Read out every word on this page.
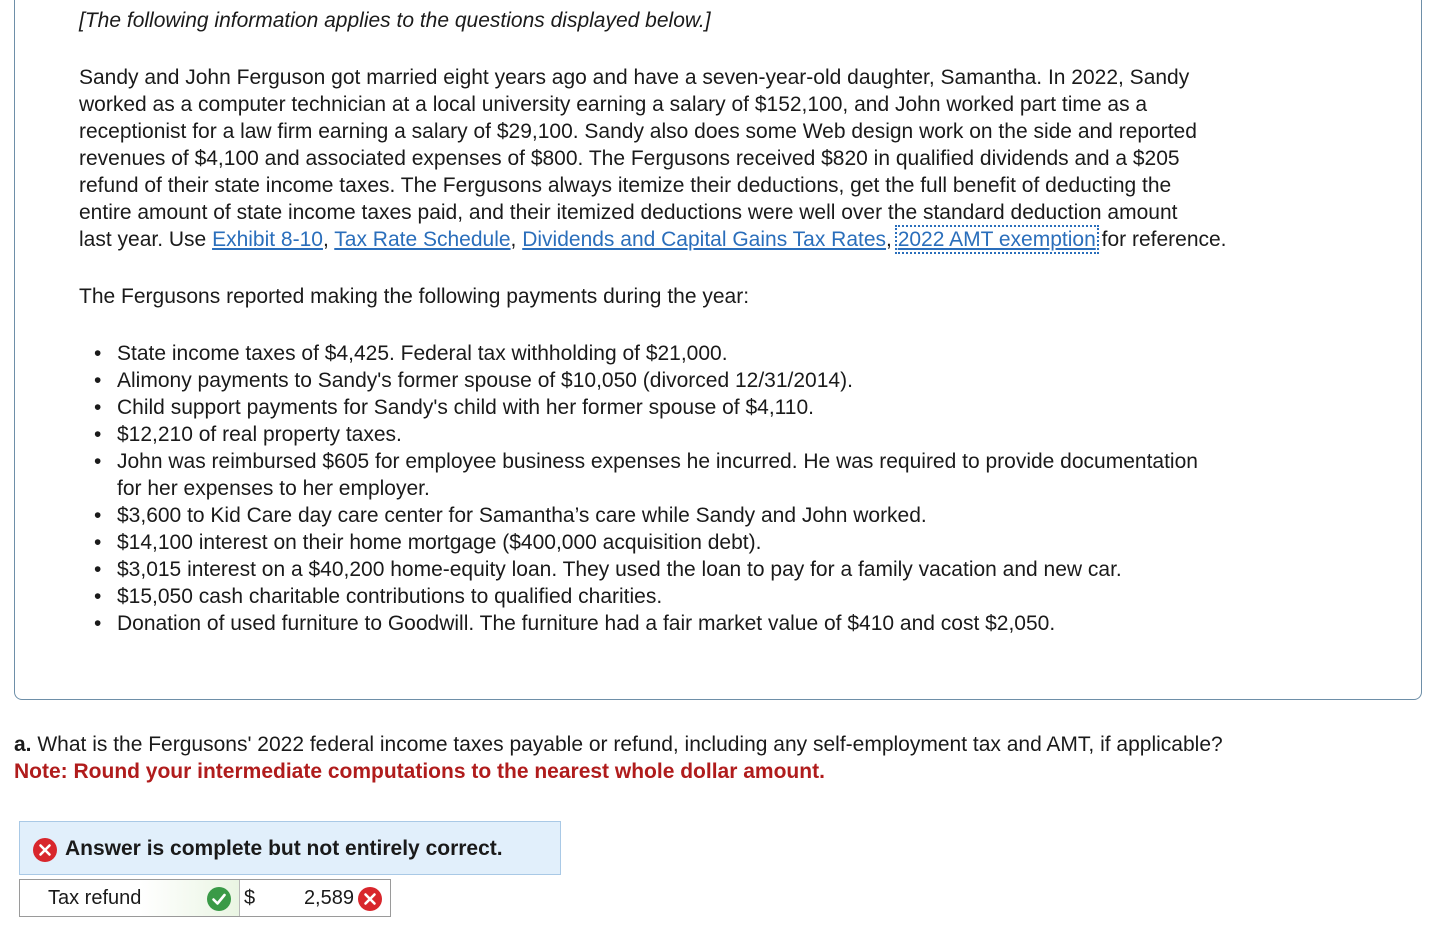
[The following information applies to the questions displayed below.]
Sandy and John Ferguson got married eight years ago and have a seven-year-old daughter, Samantha. In 2022, Sandy
worked as a computer technician at a local university earning a salary of $152,100, and John worked part time as a
receptionist for a law firm earning a salary of $29,100. Sandy also does some Web design work on the side and reported
revenues of $4,100 and associated expenses of $800. The Fergusons received $820 in qualified dividends and a $205
refund of their state income taxes. The Fergusons always itemize their deductions, get the full benefit of deducting the
entire amount of state income taxes paid, and their itemized deductions were well over the standard deduction amount
last year. Use Exhibit 8-10, Tax Rate Schedule, Dividends and Capital Gains Tax Rates, 2022 AMT exemption for reference.
The Fergusons reported making the following payments during the year:
• State income taxes of $4,425. Federal tax withholding of $21,000.
• Alimony payments to Sandy's former spouse of $10,050 (divorced 12/31/2014).
• Child support payments for Sandy's child with her former spouse of $4,110.
• $12,210 of real property taxes.
• John was reimbursed $605 for employee business expenses he incurred. He was required to provide documentation
for her expenses to her employer.
• $3,600 to Kid Care day care center for Samantha’s care while Sandy and John worked.
• $14,100 interest on their home mortgage ($400,000 acquisition debt).
• $3,015 interest on a $40,200 home-equity loan. They used the loan to pay for a family vacation and new car.
• $15,050 cash charitable contributions to qualified charities.
• Donation of used furniture to Goodwill. The furniture had a fair market value of $410 and cost $2,050.
a. What is the Fergusons' 2022 federal income taxes payable or refund, including any self-employment tax and AMT, if applicable?
Note: Round your intermediate computations to the nearest whole dollar amount.
Answer is complete but not entirely correct.
Tax refund	$	2,589
